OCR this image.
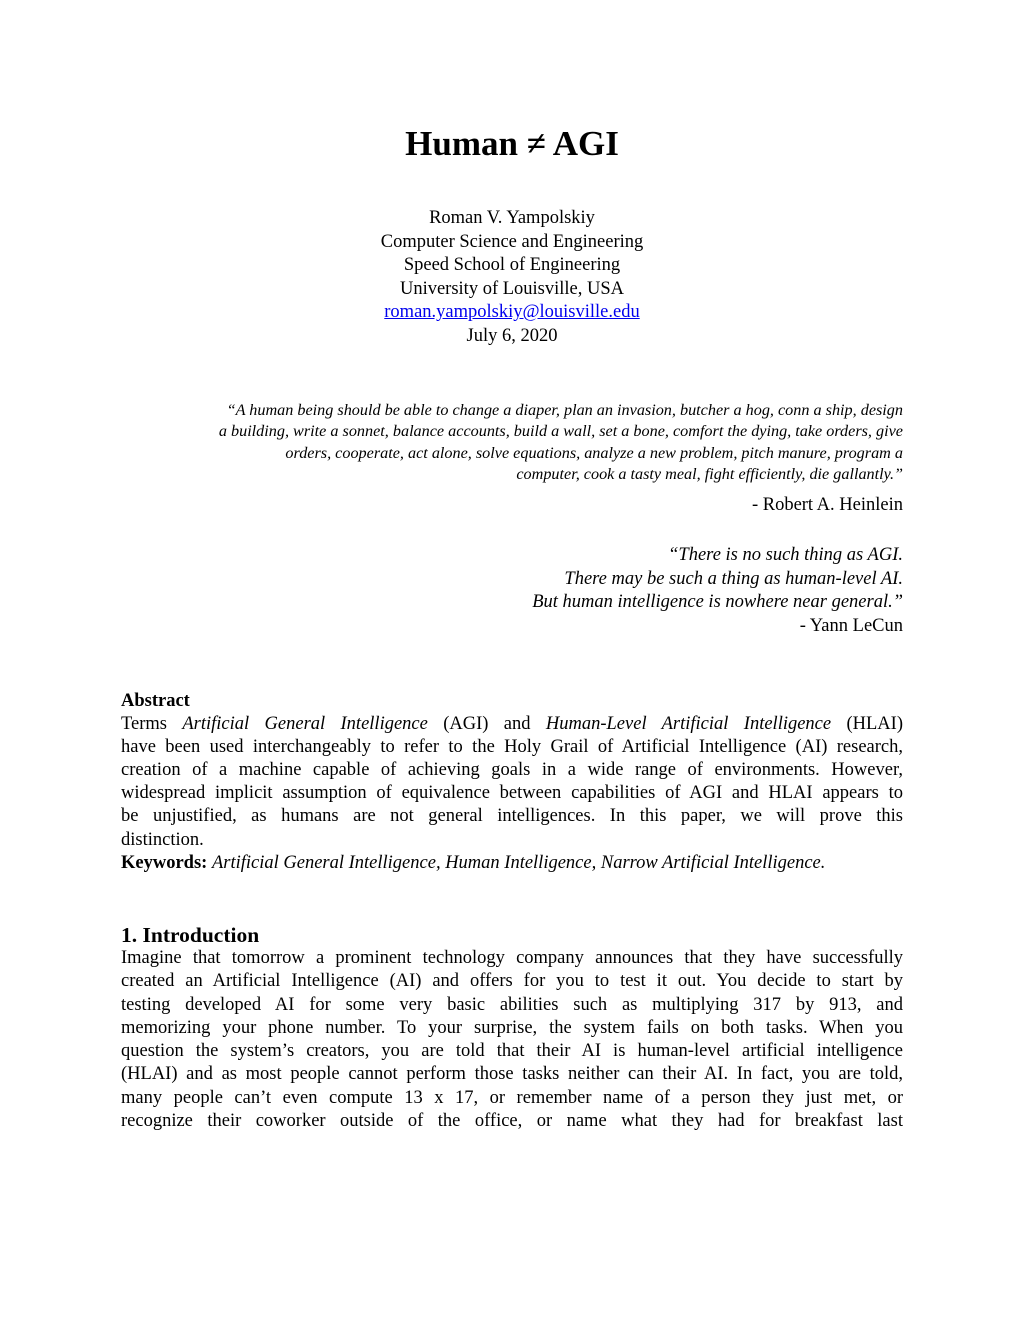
Human ≠ AGI
Roman V. Yampolskiy
Computer Science and Engineering
Speed School of Engineering
University of Louisville, USA
roman.yampolskiy@louisville.edu
July 6, 2020
“A human being should be able to change a diaper, plan an invasion, butcher a hog, conn a ship, design
a building, write a sonnet, balance accounts, build a wall, set a bone, comfort the dying, take orders, give
orders, cooperate, act alone, solve equations, analyze a new problem, pitch manure, program a
computer, cook a tasty meal, fight efficiently, die gallantly.”
- Robert A. Heinlein
“There is no such thing as AGI.
There may be such a thing as human-level AI.
But human intelligence is nowhere near general.”
- Yann LeCun
Abstract
Terms Artificial General Intelligence (AGI) and Human-Level Artificial Intelligence (HLAI)
have been used interchangeably to refer to the Holy Grail of Artificial Intelligence (AI) research,
creation of a machine capable of achieving goals in a wide range of environments. However,
widespread implicit assumption of equivalence between capabilities of AGI and HLAI appears to
be unjustified, as humans are not general intelligences. In this paper, we will prove this
distinction.
Keywords: Artificial General Intelligence, Human Intelligence, Narrow Artificial Intelligence.
1. Introduction
Imagine that tomorrow a prominent technology company announces that they have successfully
created an Artificial Intelligence (AI) and offers for you to test it out. You decide to start by
testing developed AI for some very basic abilities such as multiplying 317 by 913, and
memorizing your phone number. To your surprise, the system fails on both tasks. When you
question the system’s creators, you are told that their AI is human-level artificial intelligence
(HLAI) and as most people cannot perform those tasks neither can their AI. In fact, you are told,
many people can’t even compute 13 x 17, or remember name of a person they just met, or
recognize their coworker outside of the office, or name what they had for breakfast last
